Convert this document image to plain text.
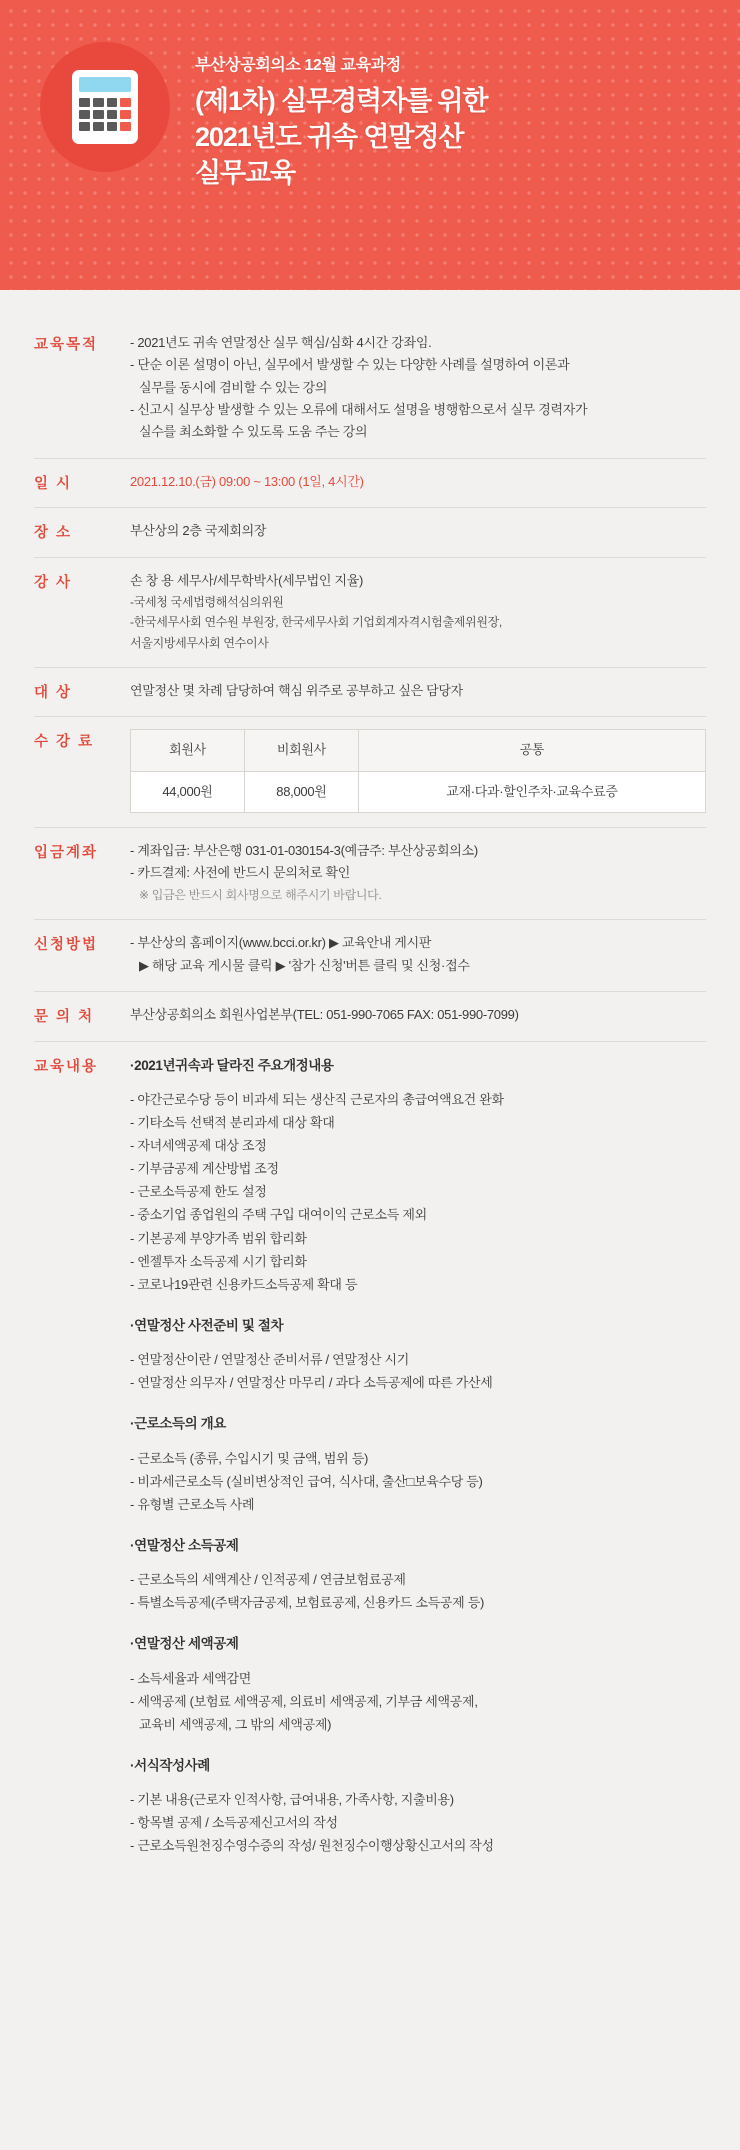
부산상공회의소 12월 교육과정
(제1차) 실무경력자를 위한
2021년도 귀속 연말정산
실무교육
교육목적	- 2021년도 귀속 연말정산 실무 핵심/심화 4시간 강좌임.
- 단순 이론 설명이 아닌, 실무에서 발생할 수 있는 다양한 사례를 설명하여 이론과
실무를 동시에 겸비할 수 있는 강의
- 신고시 실무상 발생할 수 있는 오류에 대해서도 설명을 병행함으로서 실무 경력자가
실수를 최소화할 수 있도록 도움 주는 강의
일 시	2021.12.10.(금) 09:00 ~ 13:00 (1일, 4시간)
장 소	부산상의 2층 국제회의장
강 사	손 창 용 세무사/세무학박사(세무법인 지율)
-국세청 국세법령해석심의위원
-한국세무사회 연수원 부원장, 한국세무사회 기업회계자격시험출제위원장,
서울지방세무사회 연수이사
대 상	연말정산 몇 차례 담당하여 핵심 위주로 공부하고 싶은 담당자
수 강 료	회원사	비회원사	공통
44,000원	88,000원	교재·다과·할인주차·교육수료증
입금계좌	- 계좌입금: 부산은행 031-01-030154-3(예금주: 부산상공회의소)
- 카드결제: 사전에 반드시 문의처로 확인
※ 입금은 반드시 회사명으로 해주시기 바랍니다.
신청방법	- 부산상의 홈페이지(www.bcci.or.kr) ▶ 교육안내 게시판
▶ 해당 교육 게시물 클릭 ▶ '참가 신청'버튼 클릭 및 신청·접수
문 의 처	부산상공회의소 회원사업본부(TEL: 051-990-7065 FAX: 051-990-7099)
교육내용	·2021년귀속과 달라진 주요개정내용
- 야간근로수당 등이 비과세 되는 생산직 근로자의 총급여액요건 완화
- 기타소득 선택적 분리과세 대상 확대
- 자녀세액공제 대상 조정
- 기부금공제 계산방법 조정
- 근로소득공제 한도 설정
- 중소기업 종업원의 주택 구입 대여이익 근로소득 제외
- 기본공제 부양가족 범위 합리화
- 엔젤투자 소득공제 시기 합리화
- 코로나19관련 신용카드소득공제 확대 등
·연말정산 사전준비 및 절차
- 연말정산이란 / 연말정산 준비서류 / 연말정산 시기
- 연말정산 의무자 / 연말정산 마무리 / 과다 소득공제에 따른 가산세
·근로소득의 개요
- 근로소득 (종류, 수입시기 및 금액, 범위 등)
- 비과세근로소득 (실비변상적인 급여, 식사대, 출산□보육수당 등)
- 유형별 근로소득 사례
·연말정산 소득공제
- 근로소득의 세액계산 / 인적공제 / 연금보험료공제
- 특별소득공제(주택자금공제, 보험료공제, 신용카드 소득공제 등)
·연말정산 세액공제
- 소득세율과 세액감면
- 세액공제 (보험료 세액공제, 의료비 세액공제, 기부금 세액공제,
교육비 세액공제, 그 밖의 세액공제)
·서식작성사례
- 기본 내용(근로자 인적사항, 급여내용, 가족사항, 지출비용)
- 항목별 공제 / 소득공제신고서의 작성
- 근로소득원천징수영수증의 작성/ 원천징수이행상황신고서의 작성
